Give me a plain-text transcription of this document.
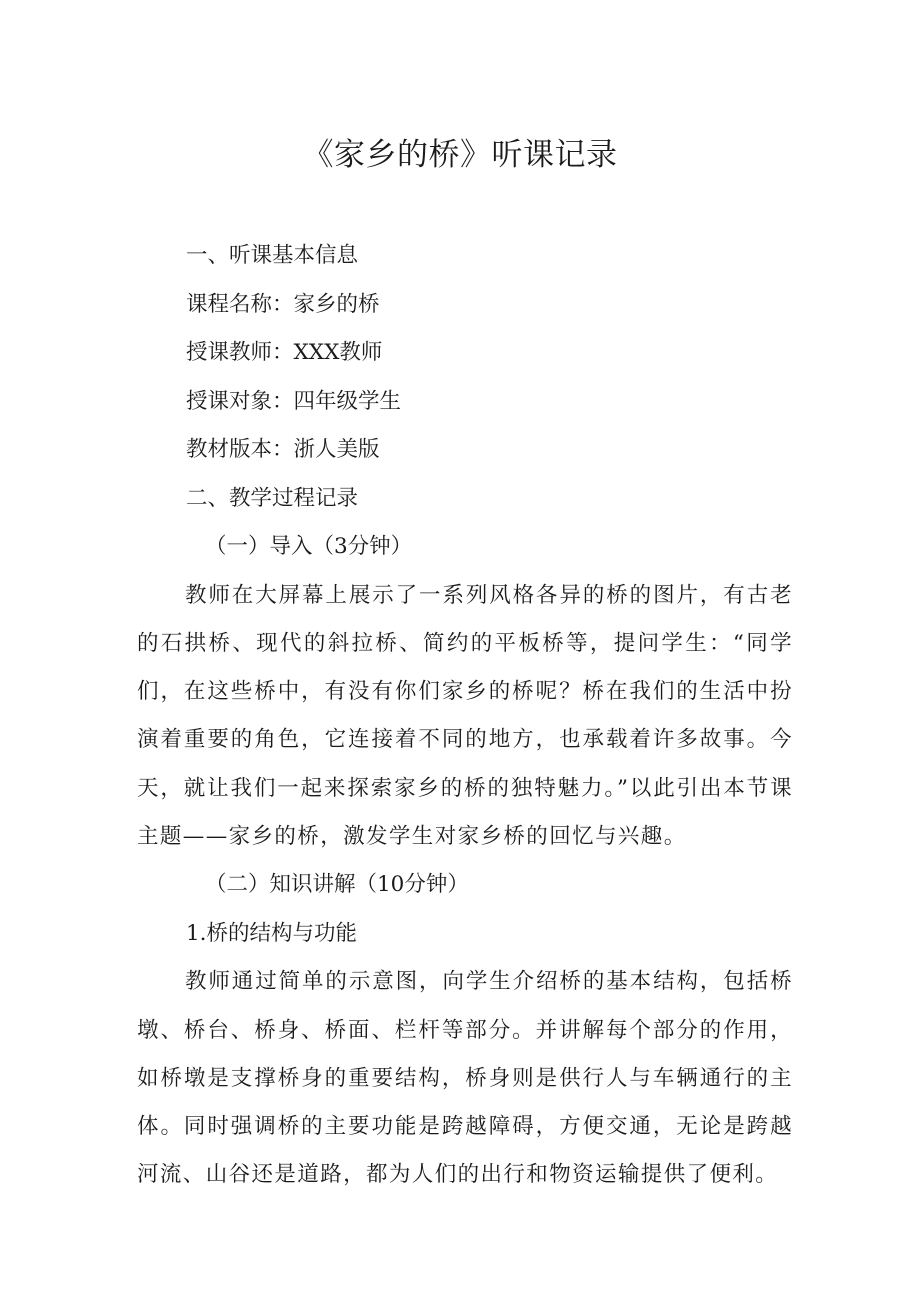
《家乡的桥》听课记录
一、听课基本信息
课程名称：家乡的桥
授课教师：XXX教师
授课对象：四年级学生
教材版本：浙人美版
二、教学过程记录
（一）导入（3分钟）

教师在大屏幕上展示了一系列风格各异的桥的图片，有古老的石拱桥、现代的斜拉桥、简约的平板桥等，提问学生：“同学们，在这些桥中，有没有你们家乡的桥呢？桥在我们的生活中扮演着重要的角色，它连接着不同的地方，也承载着许多故事。今天，就让我们一起来探索家乡的桥的独特魅力。”以此引出本节课主题——家乡的桥，激发学生对家乡桥的回忆与兴趣。

（二）知识讲解（10分钟）
1.桥的结构与功能

教师通过简单的示意图，向学生介绍桥的基本结构，包括桥墩、桥台、桥身、桥面、栏杆等部分。并讲解每个部分的作用，如桥墩是支撑桥身的重要结构，桥身则是供行人与车辆通行的主体。同时强调桥的主要功能是跨越障碍，方便交通，无论是跨越河流、山谷还是道路，都为人们的出行和物资运输提供了便利。
